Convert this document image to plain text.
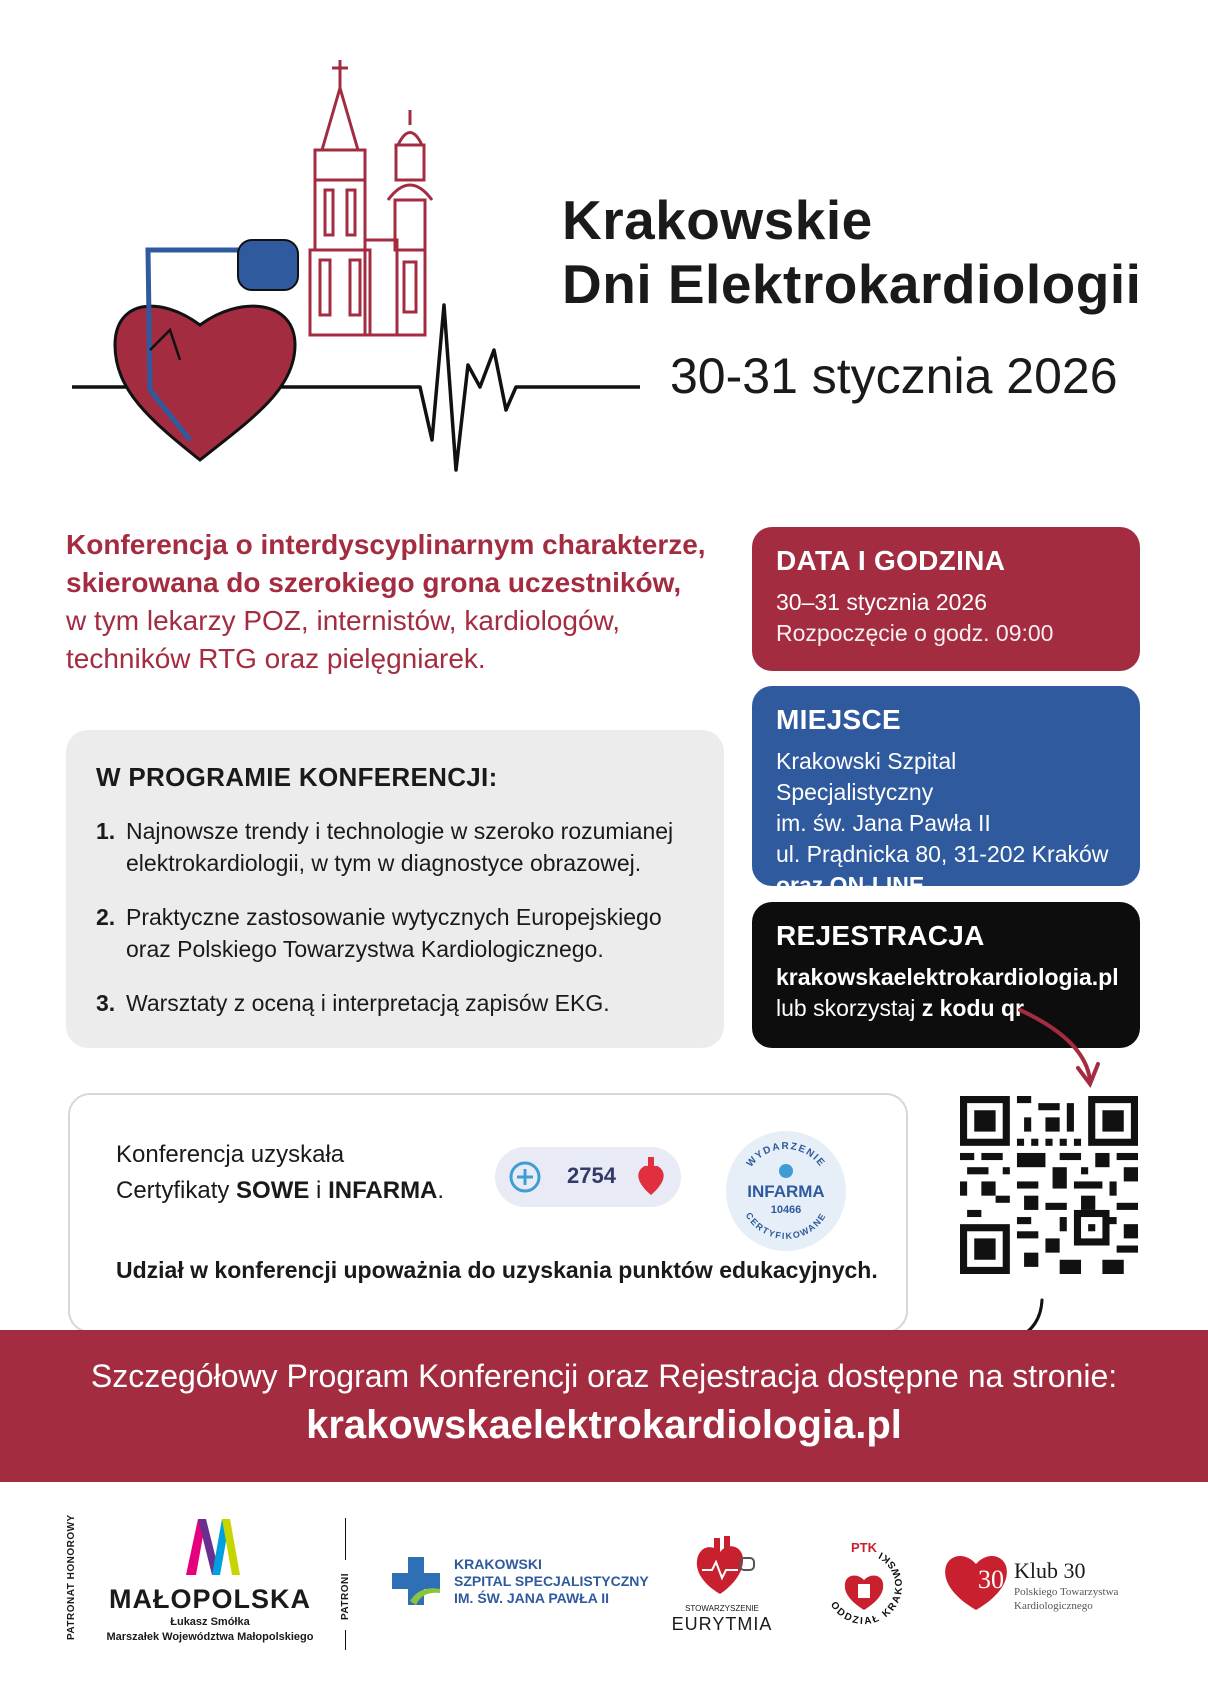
Krakowskie
Dni Elektrokardiologii
30-31 stycznia 2026
Konferencja o interdyscyplinarnym charakterze,
skierowana do szerokiego grona uczestników,
w tym lekarzy POZ, internistów, kardiologów,
techników RTG oraz pielęgniarek.
W PROGRAMIE KONFERENCJI:
1. Najnowsze trendy i technologie w szeroko rozumianej elektrokardiologii, w tym w diagnostyce obrazowej.
2. Praktyczne zastosowanie wytycznych Europejskiego oraz Polskiego Towarzystwa Kardiologicznego.
3. Warsztaty z oceną i interpretacją zapisów EKG.
DATA I GODZINA

30–31 stycznia 2026

Rozpoczęcie o godz. 09:00

MIEJSCE

Krakowski Szpital Specjalistyczny

im. św. Jana Pawła II

ul. Prądnicka 80, 31-202 Kraków

oraz ON-LINE

REJESTRACJA

krakowskaelektrokardiologia.pl

lub skorzystaj z kodu qr

Konferencja uzyskała
Certyfikaty SOWE i INFARMA.
2754
WYDARZENIE
CERTYFIKOWANE
INFARMA
10466
Udział w konferencji upoważnia do uzyskania punktów edukacyjnych.
Szczegółowy Program Konferencji oraz Rejestracja dostępne na stronie:
krakowskaelektrokardiologia.pl
PATRONAT HONOROWY	PATRONI
MAŁOPOLSKA
Łukasz Smółka
Marszałek Województwa Małopolskiego
KRAKOWSKI
SZPITAL SPECJALISTYCZNY
IM. ŚW. JANA PAWŁA II
STOWARZYSZENIE
EURYTMIA
ODDZIAŁ KRAKOWSKI
PTK
30 Klub 30
Polskiego Towarzystwa
Kardiologicznego
